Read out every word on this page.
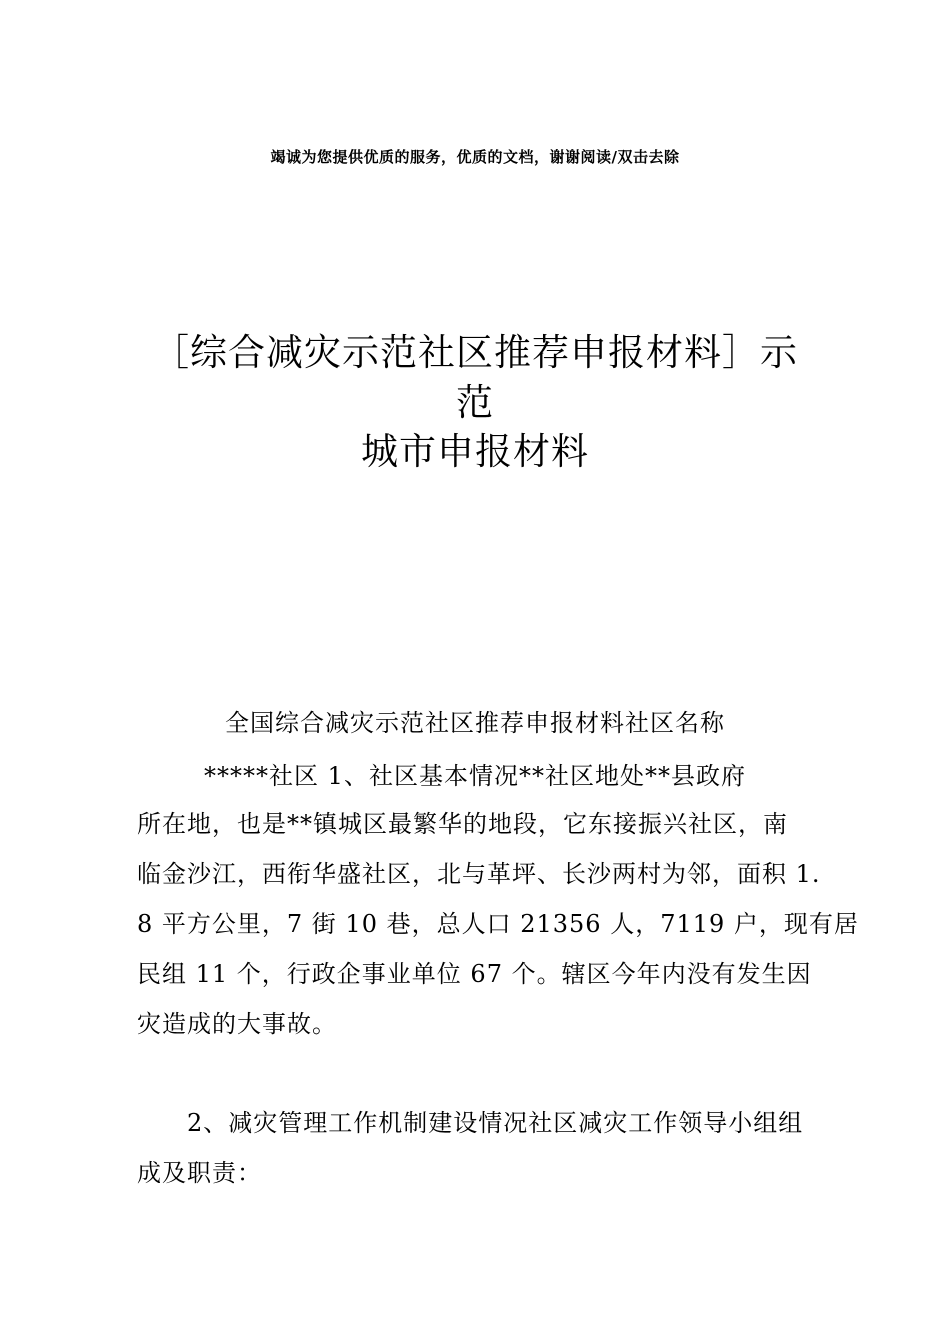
竭诚为您提供优质的服务，优质的文档，谢谢阅读/双击去除
［综合减灾示范社区推荐申报材料］示
范
城市申报材料
全国综合减灾示范社区推荐申报材料社区名称
*****社区 1、社区基本情况**社区地处**县政府
所在地，也是**镇城区最繁华的地段，它东接振兴社区，南
临金沙江，西衔华盛社区，北与革坪、长沙两村为邻，面积 1.
8 平方公里，7 街 10 巷，总人口 21356 人，7119 户，现有居
民组 11 个，行政企事业单位 67 个。辖区今年内没有发生因
灾造成的大事故。
2、减灾管理工作机制建设情况社区减灾工作领导小组组
成及职责：
